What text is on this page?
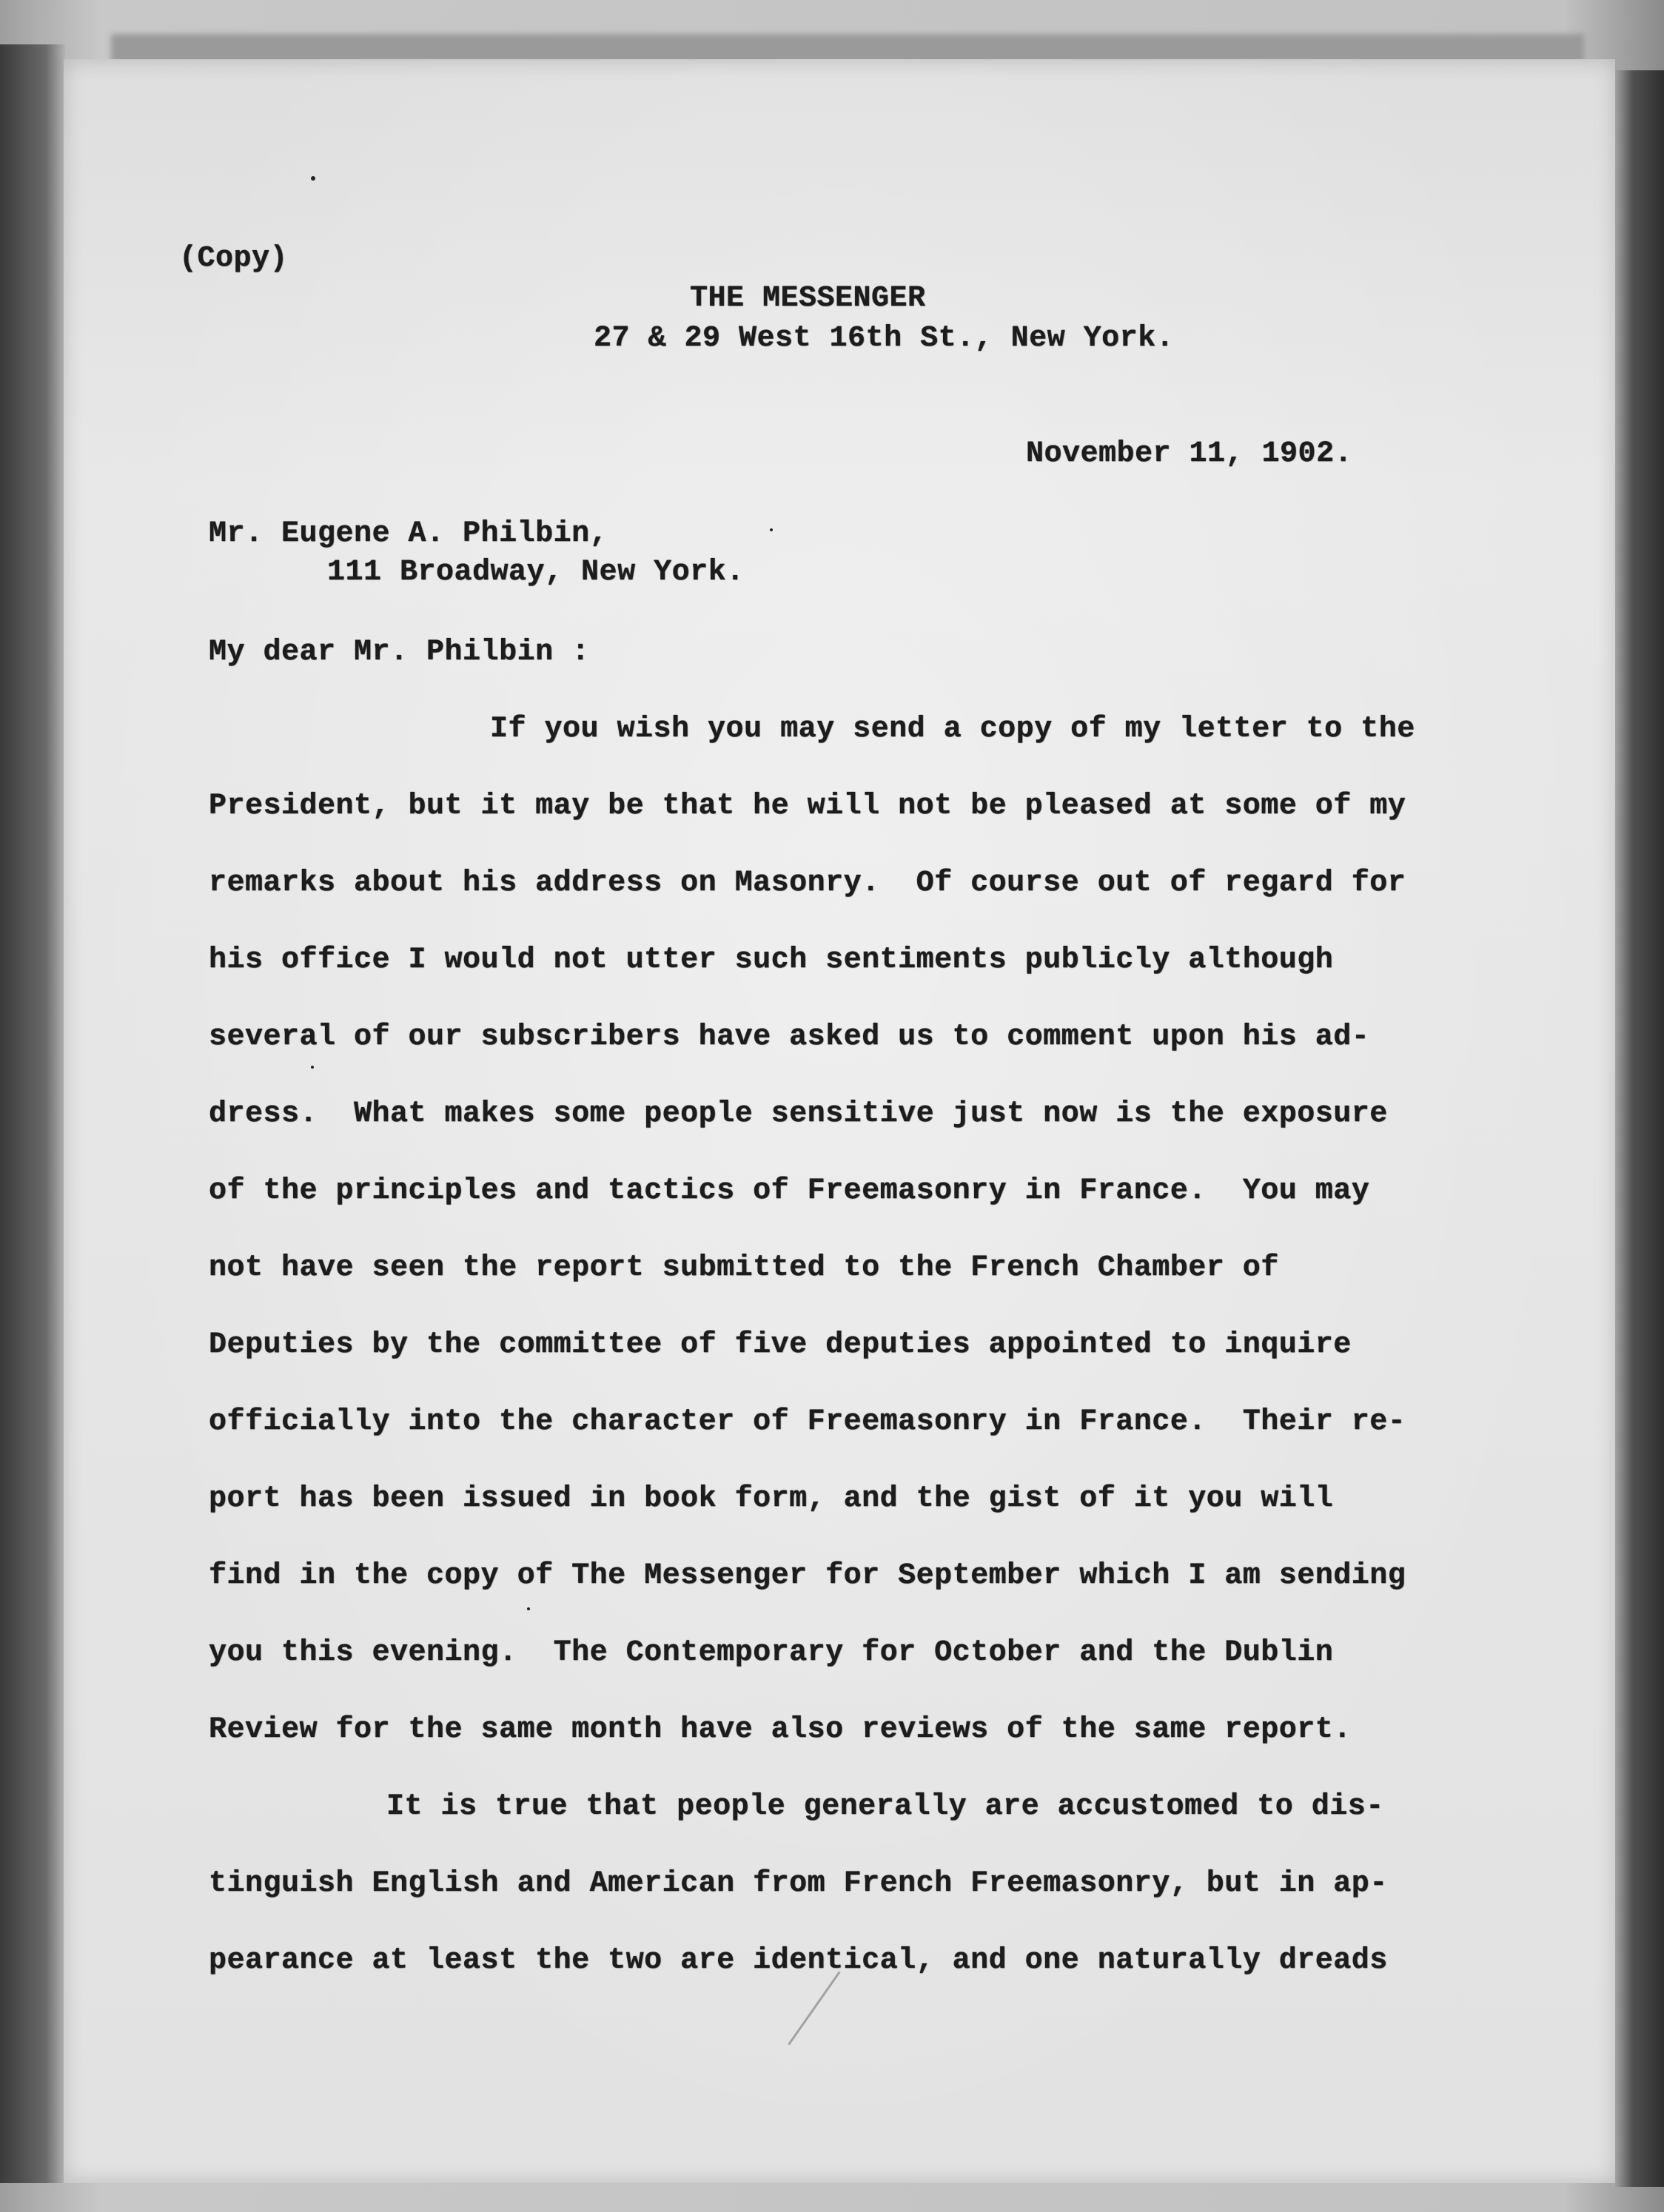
(Copy)
THE MESSENGER
27 & 29 West 16th St., New York.
November 11, 1902.
Mr. Eugene A. Philbin,
111 Broadway, New York.
My dear Mr. Philbin :
If you wish you may send a copy of my letter to the
President, but it may be that he will not be pleased at some of my
remarks about his address on Masonry.  Of course out of regard for
his office I would not utter such sentiments publicly although
several of our subscribers have asked us to comment upon his ad-
dress.  What makes some people sensitive just now is the exposure
of the principles and tactics of Freemasonry in France.  You may
not have seen the report submitted to the French Chamber of
Deputies by the committee of five deputies appointed to inquire
officially into the character of Freemasonry in France.  Their re-
port has been issued in book form, and the gist of it you will
find in the copy of The Messenger for September which I am sending
you this evening.  The Contemporary for October and the Dublin
Review for the same month have also reviews of the same report.
It is true that people generally are accustomed to dis-
tinguish English and American from French Freemasonry, but in ap-
pearance at least the two are identical, and one naturally dreads
